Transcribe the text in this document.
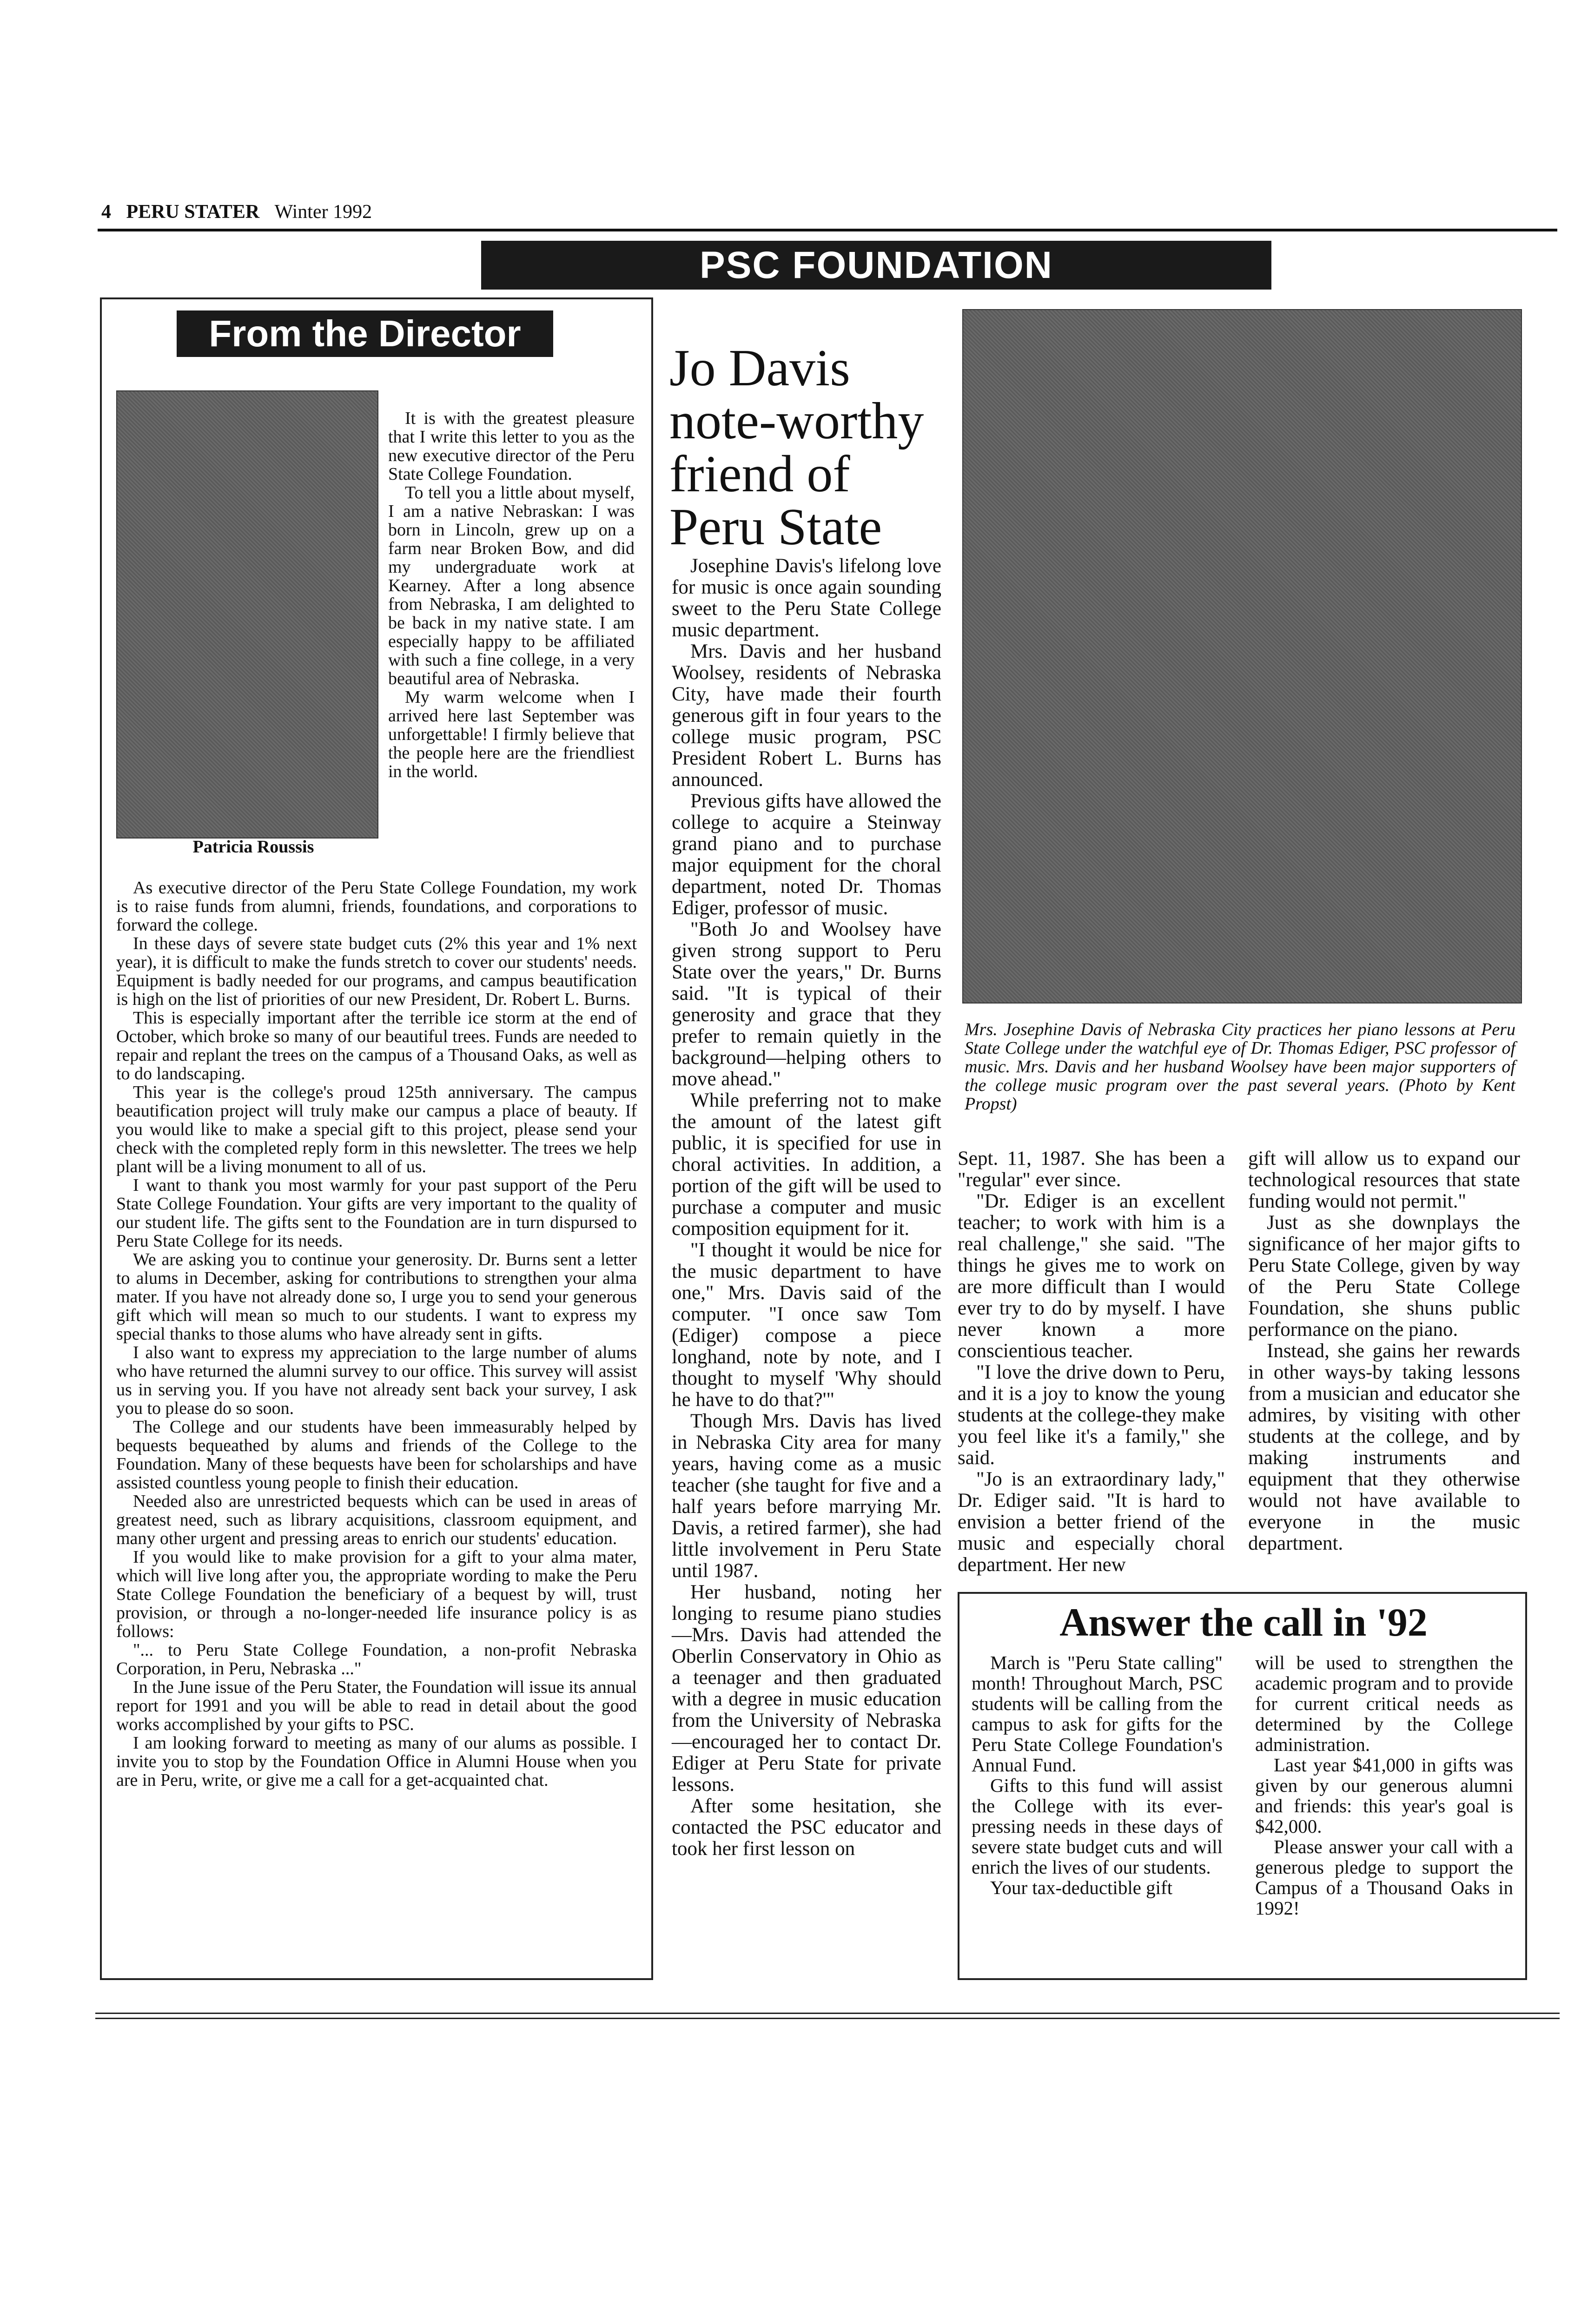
4 PERU STATER Winter 1992
PSC FOUNDATION
From the Director
Patricia Roussis

It is with the greatest pleasure that I write this letter to you as the new executive director of the Peru State College Foundation.

To tell you a little about myself, I am a native Nebraskan: I was born in Lincoln, grew up on a farm near Broken Bow, and did my undergraduate work at Kearney. After a long absence from Nebraska, I am delighted to be back in my native state. I am especially happy to be affiliated with such a fine college, in a very beautiful area of Nebraska.

My warm welcome when I arrived here last September was unforgettable! I firmly believe that the people here are the friendliest in the world.

As executive director of the Peru State College Foundation, my work is to raise funds from alumni, friends, foundations, and corporations to forward the college.

In these days of severe state budget cuts (2% this year and 1% next year), it is difficult to make the funds stretch to cover our students' needs. Equipment is badly needed for our programs, and campus beautification is high on the list of priorities of our new President, Dr. Robert L. Burns.

This is especially important after the terrible ice storm at the end of October, which broke so many of our beautiful trees. Funds are needed to repair and replant the trees on the campus of a Thousand Oaks, as well as to do landscaping.

This year is the college's proud 125th anniversary. The campus beautification project will truly make our campus a place of beauty. If you would like to make a special gift to this project, please send your check with the completed reply form in this newsletter. The trees we help plant will be a living monument to all of us.

I want to thank you most warmly for your past support of the Peru State College Foundation. Your gifts are very important to the quality of our student life. The gifts sent to the Foundation are in turn dispursed to Peru State College for its needs.

We are asking you to continue your generosity. Dr. Burns sent a letter to alums in December, asking for contributions to strengthen your alma mater. If you have not already done so, I urge you to send your generous gift which will mean so much to our students. I want to express my special thanks to those alums who have already sent in gifts.

I also want to express my appreciation to the large number of alums who have returned the alumni survey to our office. This survey will assist us in serving you. If you have not already sent back your survey, I ask you to please do so soon.

The College and our students have been immeasurably helped by bequests bequeathed by alums and friends of the College to the Foundation. Many of these bequests have been for scholarships and have assisted countless young people to finish their education.

Needed also are unrestricted bequests which can be used in areas of greatest need, such as library acquisitions, classroom equipment, and many other urgent and pressing areas to enrich our students' education.

If you would like to make provision for a gift to your alma mater, which will live long after you, the appropriate wording to make the Peru State College Foundation the beneficiary of a bequest by will, trust provision, or through a no-longer-needed life insurance policy is as follows:

"... to Peru State College Foundation, a non-profit Nebraska Corporation, in Peru, Nebraska ..."

In the June issue of the Peru Stater, the Foundation will issue its annual report for 1991 and you will be able to read in detail about the good works accomplished by your gifts to PSC.

I am looking forward to meeting as many of our alums as possible. I invite you to stop by the Foundation Office in Alumni House when you are in Peru, write, or give me a call for a get-acquainted chat.

Jo Davis note-worthy friend of Peru State

Josephine Davis's lifelong love for music is once again sounding sweet to the Peru State College music department.

Mrs. Davis and her husband Woolsey, residents of Nebraska City, have made their fourth generous gift in four years to the college music program, PSC President Robert L. Burns has announced.

Previous gifts have allowed the college to acquire a Steinway grand piano and to purchase major equipment for the choral department, noted Dr. Thomas Ediger, professor of music.

"Both Jo and Woolsey have given strong support to Peru State over the years," Dr. Burns said. "It is typical of their generosity and grace that they prefer to remain quietly in the background—helping others to move ahead."

While preferring not to make the amount of the latest gift public, it is specified for use in choral activities. In addition, a portion of the gift will be used to purchase a computer and music composition equipment for it.

"I thought it would be nice for the music department to have one," Mrs. Davis said of the computer. "I once saw Tom (Ediger) compose a piece longhand, note by note, and I thought to myself 'Why should he have to do that?'"

Though Mrs. Davis has lived in Nebraska City area for many years, having come as a music teacher (she taught for five and a half years before marrying Mr. Davis, a retired farmer), she had little involvement in Peru State until 1987.

Her husband, noting her longing to resume piano studies—Mrs. Davis had attended the Oberlin Conservatory in Ohio as a teenager and then graduated with a degree in music education from the University of Nebraska—encouraged her to contact Dr. Ediger at Peru State for private lessons.

After some hesitation, she contacted the PSC educator and took her first lesson on

Mrs. Josephine Davis of Nebraska City practices her piano lessons at Peru State College under the watchful eye of Dr. Thomas Ediger, PSC professor of music. Mrs. Davis and her husband Woolsey have been major supporters of the college music program over the past several years. (Photo by Kent Propst)

Sept. 11, 1987. She has been a "regular" ever since.

"Dr. Ediger is an excellent teacher; to work with him is a real challenge," she said. "The things he gives me to work on are more difficult than I would ever try to do by myself. I have never known a more conscientious teacher.

"I love the drive down to Peru, and it is a joy to know the young students at the college-they make you feel like it's a family," she said.

"Jo is an extraordinary lady," Dr. Ediger said. "It is hard to envision a better friend of the music and especially choral department. Her new

gift will allow us to expand our technological resources that state funding would not permit."

Just as she downplays the significance of her major gifts to Peru State College, given by way of the Peru State College Foundation, she shuns public performance on the piano.

Instead, she gains her rewards in other ways-by taking lessons from a musician and educator she admires, by visiting with other students at the college, and by making instruments and equipment that they otherwise would not have available to everyone in the music department.

Answer the call in '92

March is "Peru State calling" month! Throughout March, PSC students will be calling from the campus to ask for gifts for the Peru State College Foundation's Annual Fund.

Gifts to this fund will assist the College with its ever-pressing needs in these days of severe state budget cuts and will enrich the lives of our students.

Your tax-deductible gift

will be used to strengthen the academic program and to provide for current critical needs as determined by the College administration.

Last year $41,000 in gifts was given by our generous alumni and friends: this year's goal is $42,000.

Please answer your call with a generous pledge to support the Campus of a Thousand Oaks in 1992!
